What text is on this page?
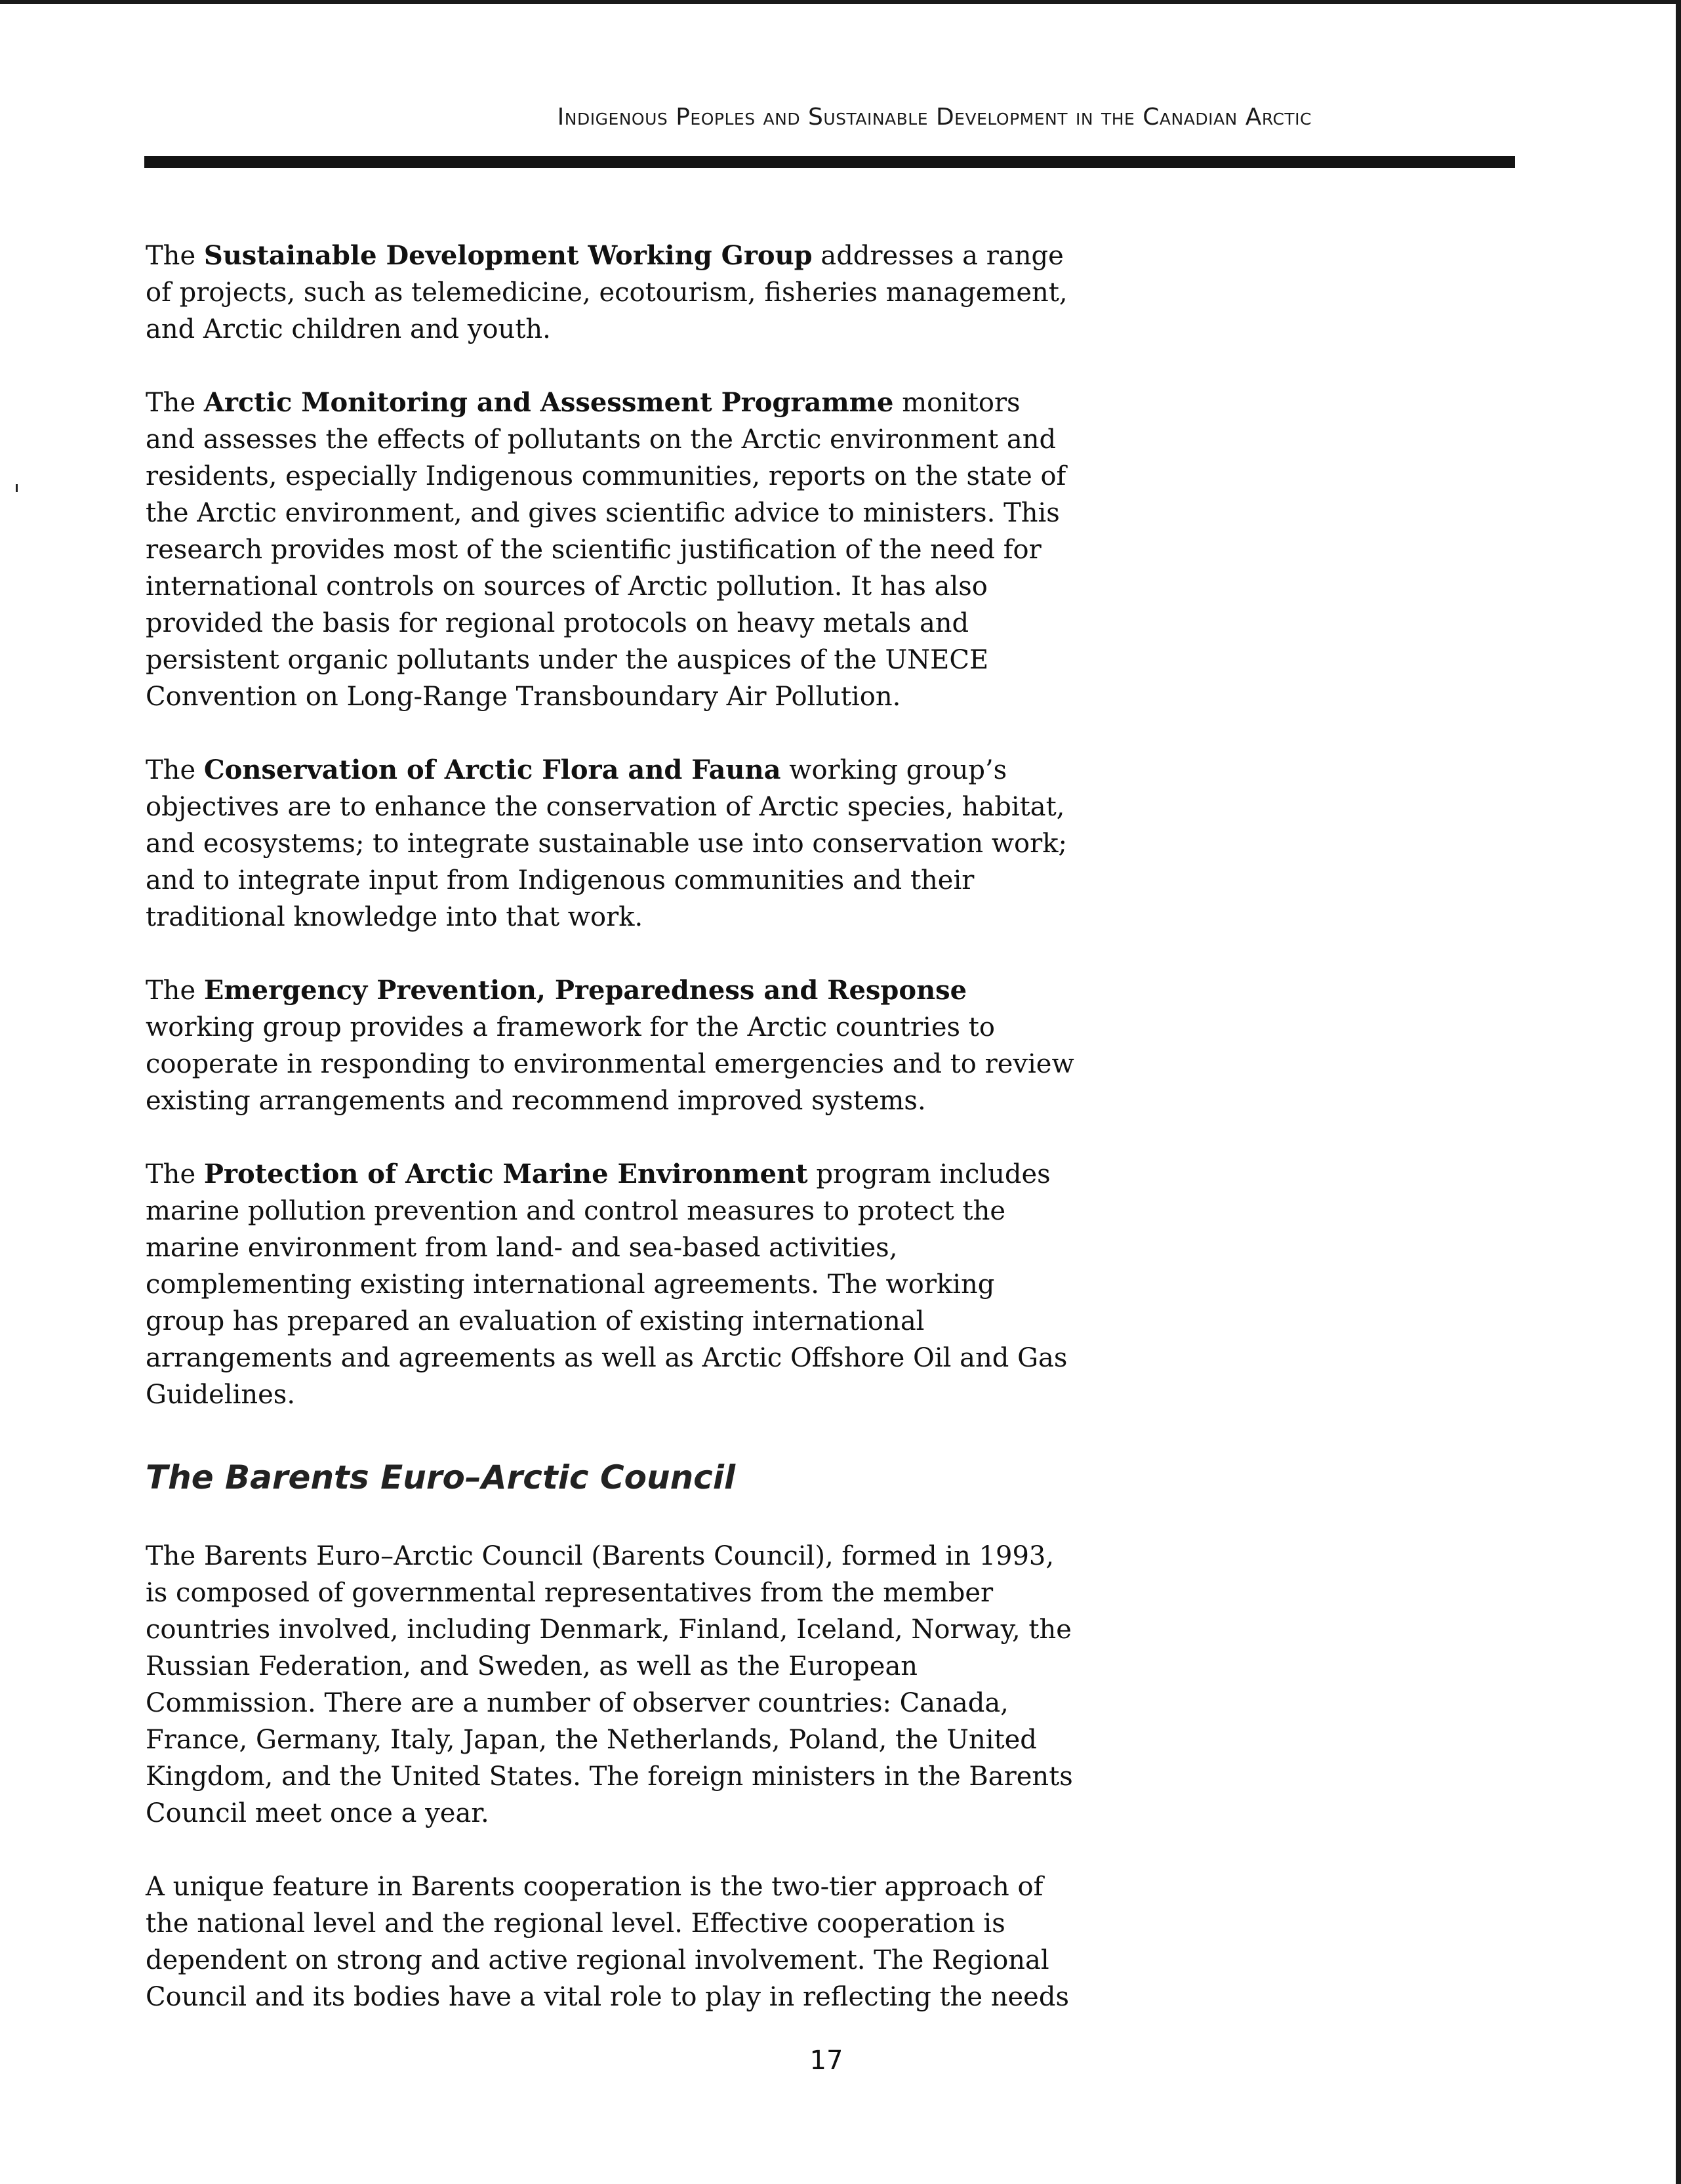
Indigenous Peoples and Sustainable Development in the Canadian Arctic

The Sustainable Development Working Group addresses a range of projects, such as telemedicine, ecotourism, fisheries management, and Arctic children and youth.

The Arctic Monitoring and Assessment Programme monitors and assesses the effects of pollutants on the Arctic environment and residents, especially Indigenous communities, reports on the state of the Arctic environment, and gives scientific advice to ministers. This research provides most of the scientific justification of the need for international controls on sources of Arctic pollution. It has also provided the basis for regional protocols on heavy metals and persistent organic pollutants under the auspices of the UNECE Convention on Long-Range Transboundary Air Pollution.

The Conservation of Arctic Flora and Fauna working group’s objectives are to enhance the conservation of Arctic species, habitat, and ecosystems; to integrate sustainable use into conservation work; and to integrate input from Indigenous communities and their traditional knowledge into that work.

The Emergency Prevention, Preparedness and Response working group provides a framework for the Arctic countries to cooperate in responding to environmental emergencies and to review existing arrangements and recommend improved systems.

The Protection of Arctic Marine Environment program includes marine pollution prevention and control measures to protect the marine environment from land- and sea-based activities, complementing existing international agreements. The working group has prepared an evaluation of existing international arrangements and agreements as well as Arctic Offshore Oil and Gas Guidelines.

The Barents Euro–Arctic Council

The Barents Euro–Arctic Council (Barents Council), formed in 1993, is composed of governmental representatives from the member countries involved, including Denmark, Finland, Iceland, Norway, the Russian Federation, and Sweden, as well as the European Commission. There are a number of observer countries: Canada, France, Germany, Italy, Japan, the Netherlands, Poland, the United Kingdom, and the United States. The foreign ministers in the Barents Council meet once a year.

A unique feature in Barents cooperation is the two-tier approach of the national level and the regional level. Effective cooperation is dependent on strong and active regional involvement. The Regional Council and its bodies have a vital role to play in reflecting the needs

17
